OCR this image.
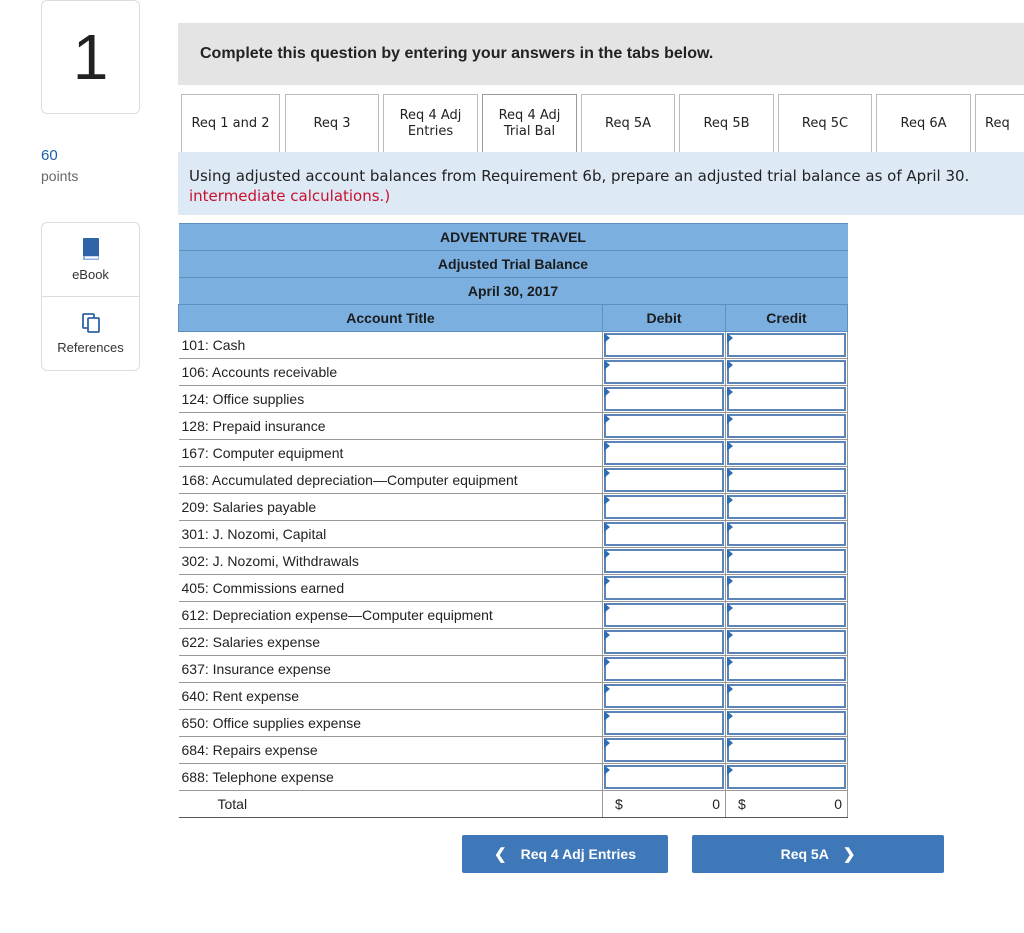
1
60
points
eBook
References
Complete this question by entering your answers in the tabs below.
Req 1 and 2	Req 3
Req 4 Adj
Entries
Req 4 Adj
Trial Bal
Req 5A	Req 5B	Req 5C	Req 6A	Req
Using adjusted account balances from Requirement 6b, prepare an adjusted trial balance as of April 30.
intermediate calculations.)
ADVENTURE TRAVEL		
Adjusted Trial Balance		
April 30, 2017		
Account Title	Debit	Credit
101: Cash	

106: Accounts receivable	

124: Office supplies	

128: Prepaid insurance	

167: Computer equipment	

168: Accumulated depreciation—Computer equipment	

209: Salaries payable	

301: J. Nozomi, Capital	

302: J. Nozomi, Withdrawals	

405: Commissions earned	

612: Depreciation expense—Computer equipment	

622: Salaries expense	

637: Insurance expense	

640: Rent expense	

650: Office supplies expense	

684: Repairs expense	

688: Telephone expense	

Total	$ 0	$ 0
❮ Req 4 Adj Entries	Req 5A ❯
